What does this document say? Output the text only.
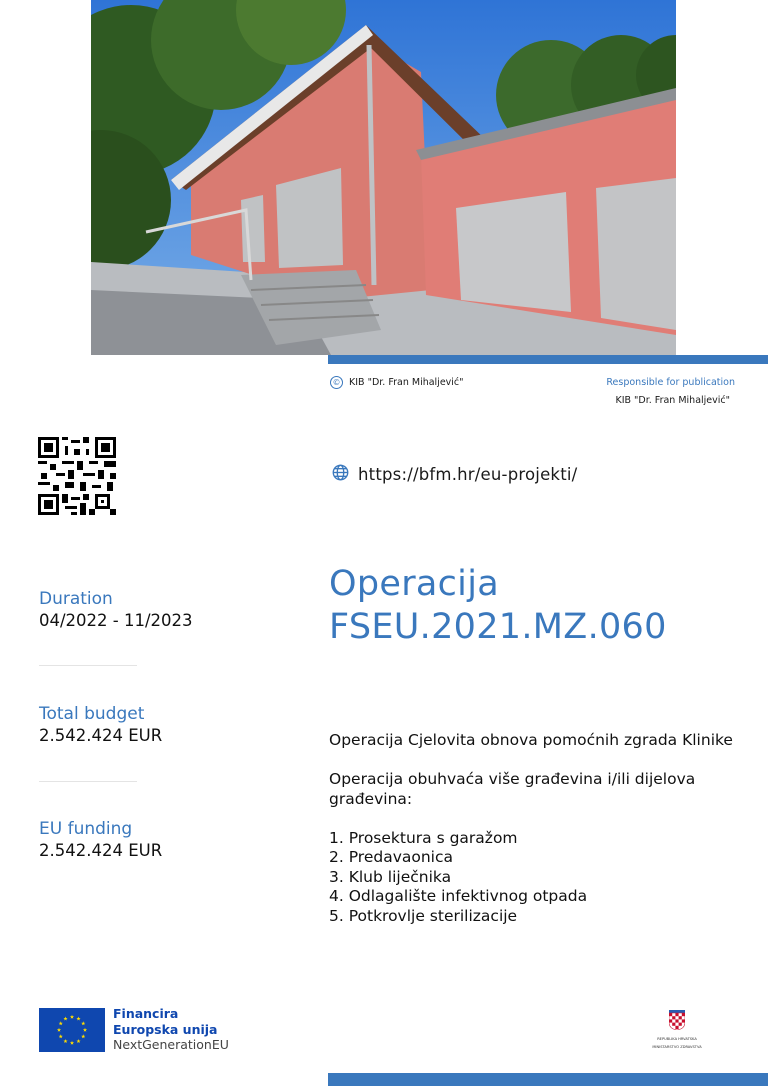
© KIB "Dr. Fran Mihaljević"	Responsible for publication
KIB "Dr. Fran Mihaljević"
https://bfm.hr/eu-projekti/
Duration
04/2022 - 11/2023
Total budget
2.542.424 EUR
EU funding
2.542.424 EUR
Operacija
FSEU.2021.MZ.060

Operacija Cjelovita obnova pomoćnih zgrada Klinike

Operacija obuhvaća više građevina i/ili dijelova građevina:

1. Prosektura s garažom
2. Predavaonica
3. Klub liječnika
4. Odlagalište infektivnog otpada
5. Potkrovlje sterilizacije
Financira
Europska unija
NextGenerationEU	REPUBLIKA HRVATSKA
MINISTARSTVO ZDRAVSTVA
